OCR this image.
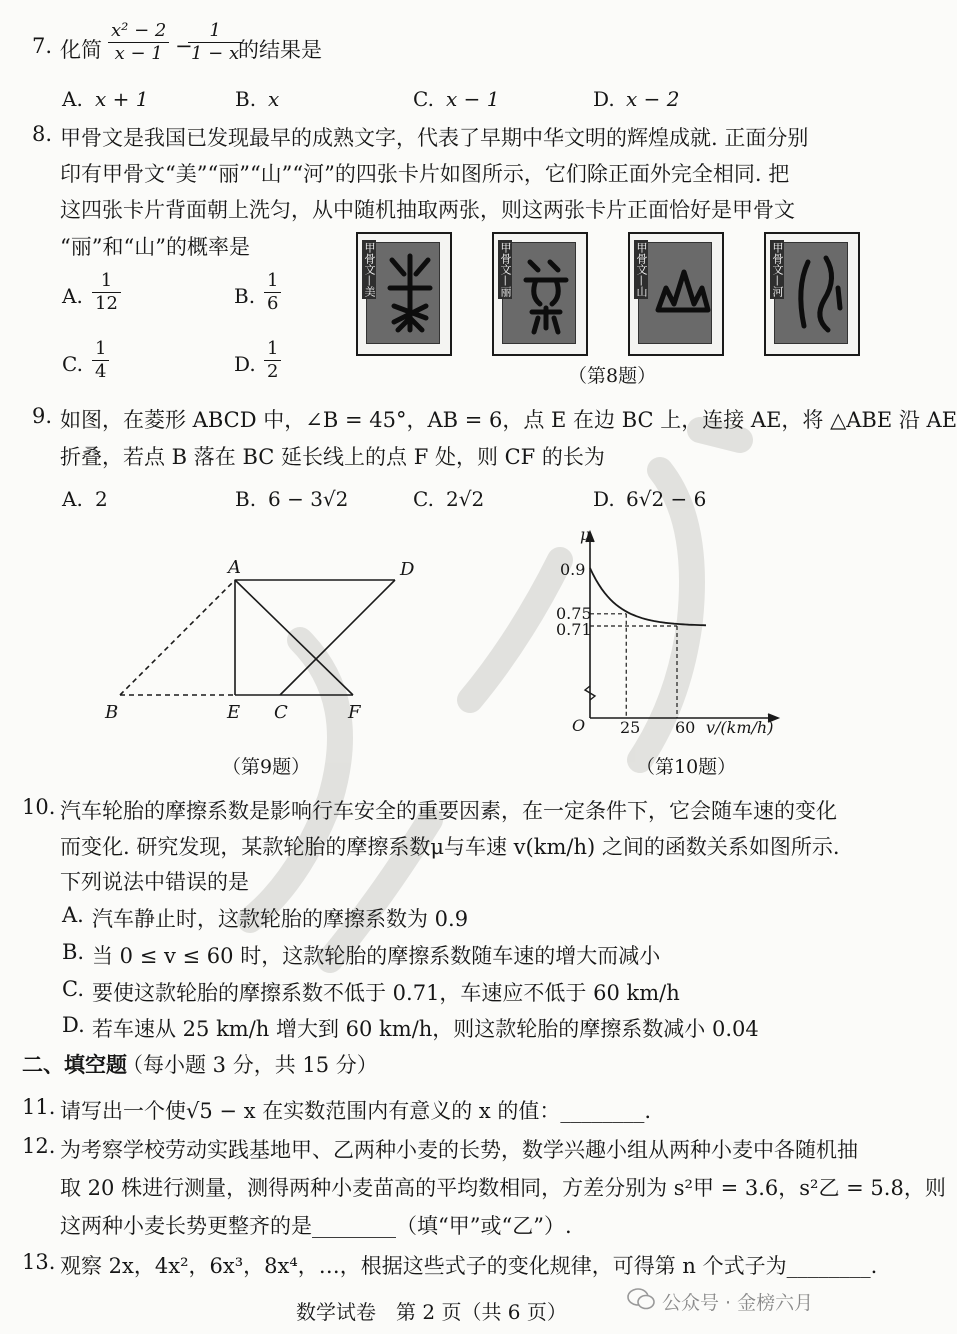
7. 化简 $\frac{\text{x² − 2}}{x - 1}$ −
$\frac{1}{1 - x}$
的结果是
A. x + 1	B. x	C. x − 1	D. x − 2
8. 甲骨文是我国已发现最早的成熟文字，代表了早期中华文明的辉煌成就. 正面分别
印有甲骨文“美”“丽”“山”“河”的四张卡片如图所示，它们除正面外完全相同. 把
这四张卡片背面朝上洗匀，从中随机抽取两张，则这两张卡片正面恰好是甲骨文
“丽”和“山”的概率是
A. $\frac{1}{12}$	B. $\frac{1}{6}$
C. $\frac{1}{4}$	D. $\frac{1}{2}$
甲骨文—美	甲骨文—丽	甲骨文—山	甲骨文—河
（第8题）
9. 如图，在菱形 ABCD 中，∠B = 45°，AB = 6，点 E 在边 BC 上，连接 AE，将 △ABE 沿 AE
折叠，若点 B 落在 BC 延长线上的点 F 处，则 CF 的长为
A. 2	B. 6 − 3√2	C. 2√2	D. 6√2 − 6
A	D
B	E C	F
（第9题）
μ
O
0.9
0.75
0.71
25 60 v/(km/h)
（第10题）
10. 汽车轮胎的摩擦系数是影响行车安全的重要因素，在一定条件下，它会随车速的变化
而变化. 研究发现，某款轮胎的摩擦系数μ与车速 v(km/h) 之间的函数关系如图所示.
下列说法中错误的是
A. 汽车静止时，这款轮胎的摩擦系数为 0.9
B. 当 0 ≤ v ≤ 60 时，这款轮胎的摩擦系数随车速的增大而减小
C. 要使这款轮胎的摩擦系数不低于 0.71，车速应不低于 60 km/h
D. 若车速从 25 km/h 增大到 60 km/h，则这款轮胎的摩擦系数减小 0.04
二、填空题
（每小题 3 分，共 15 分）
11. 请写出一个使√5 − x 在实数范围内有意义的 x 的值：________.
12. 为考察学校劳动实践基地甲、乙两种小麦的长势，数学兴趣小组从两种小麦中各随机抽
取 20 株进行测量，测得两种小麦苗高的平均数相同，方差分别为 s²甲 = 3.6，s²乙 = 5.8，则
这两种小麦长势更整齐的是________（填“甲”或“乙”）.
13. 观察 2x，4x²，6x³，8x⁴，…，根据这些式子的变化规律，可得第 n 个式子为________.
数学试卷　第 2 页（共 6 页）	公众号 · 金榜六月
